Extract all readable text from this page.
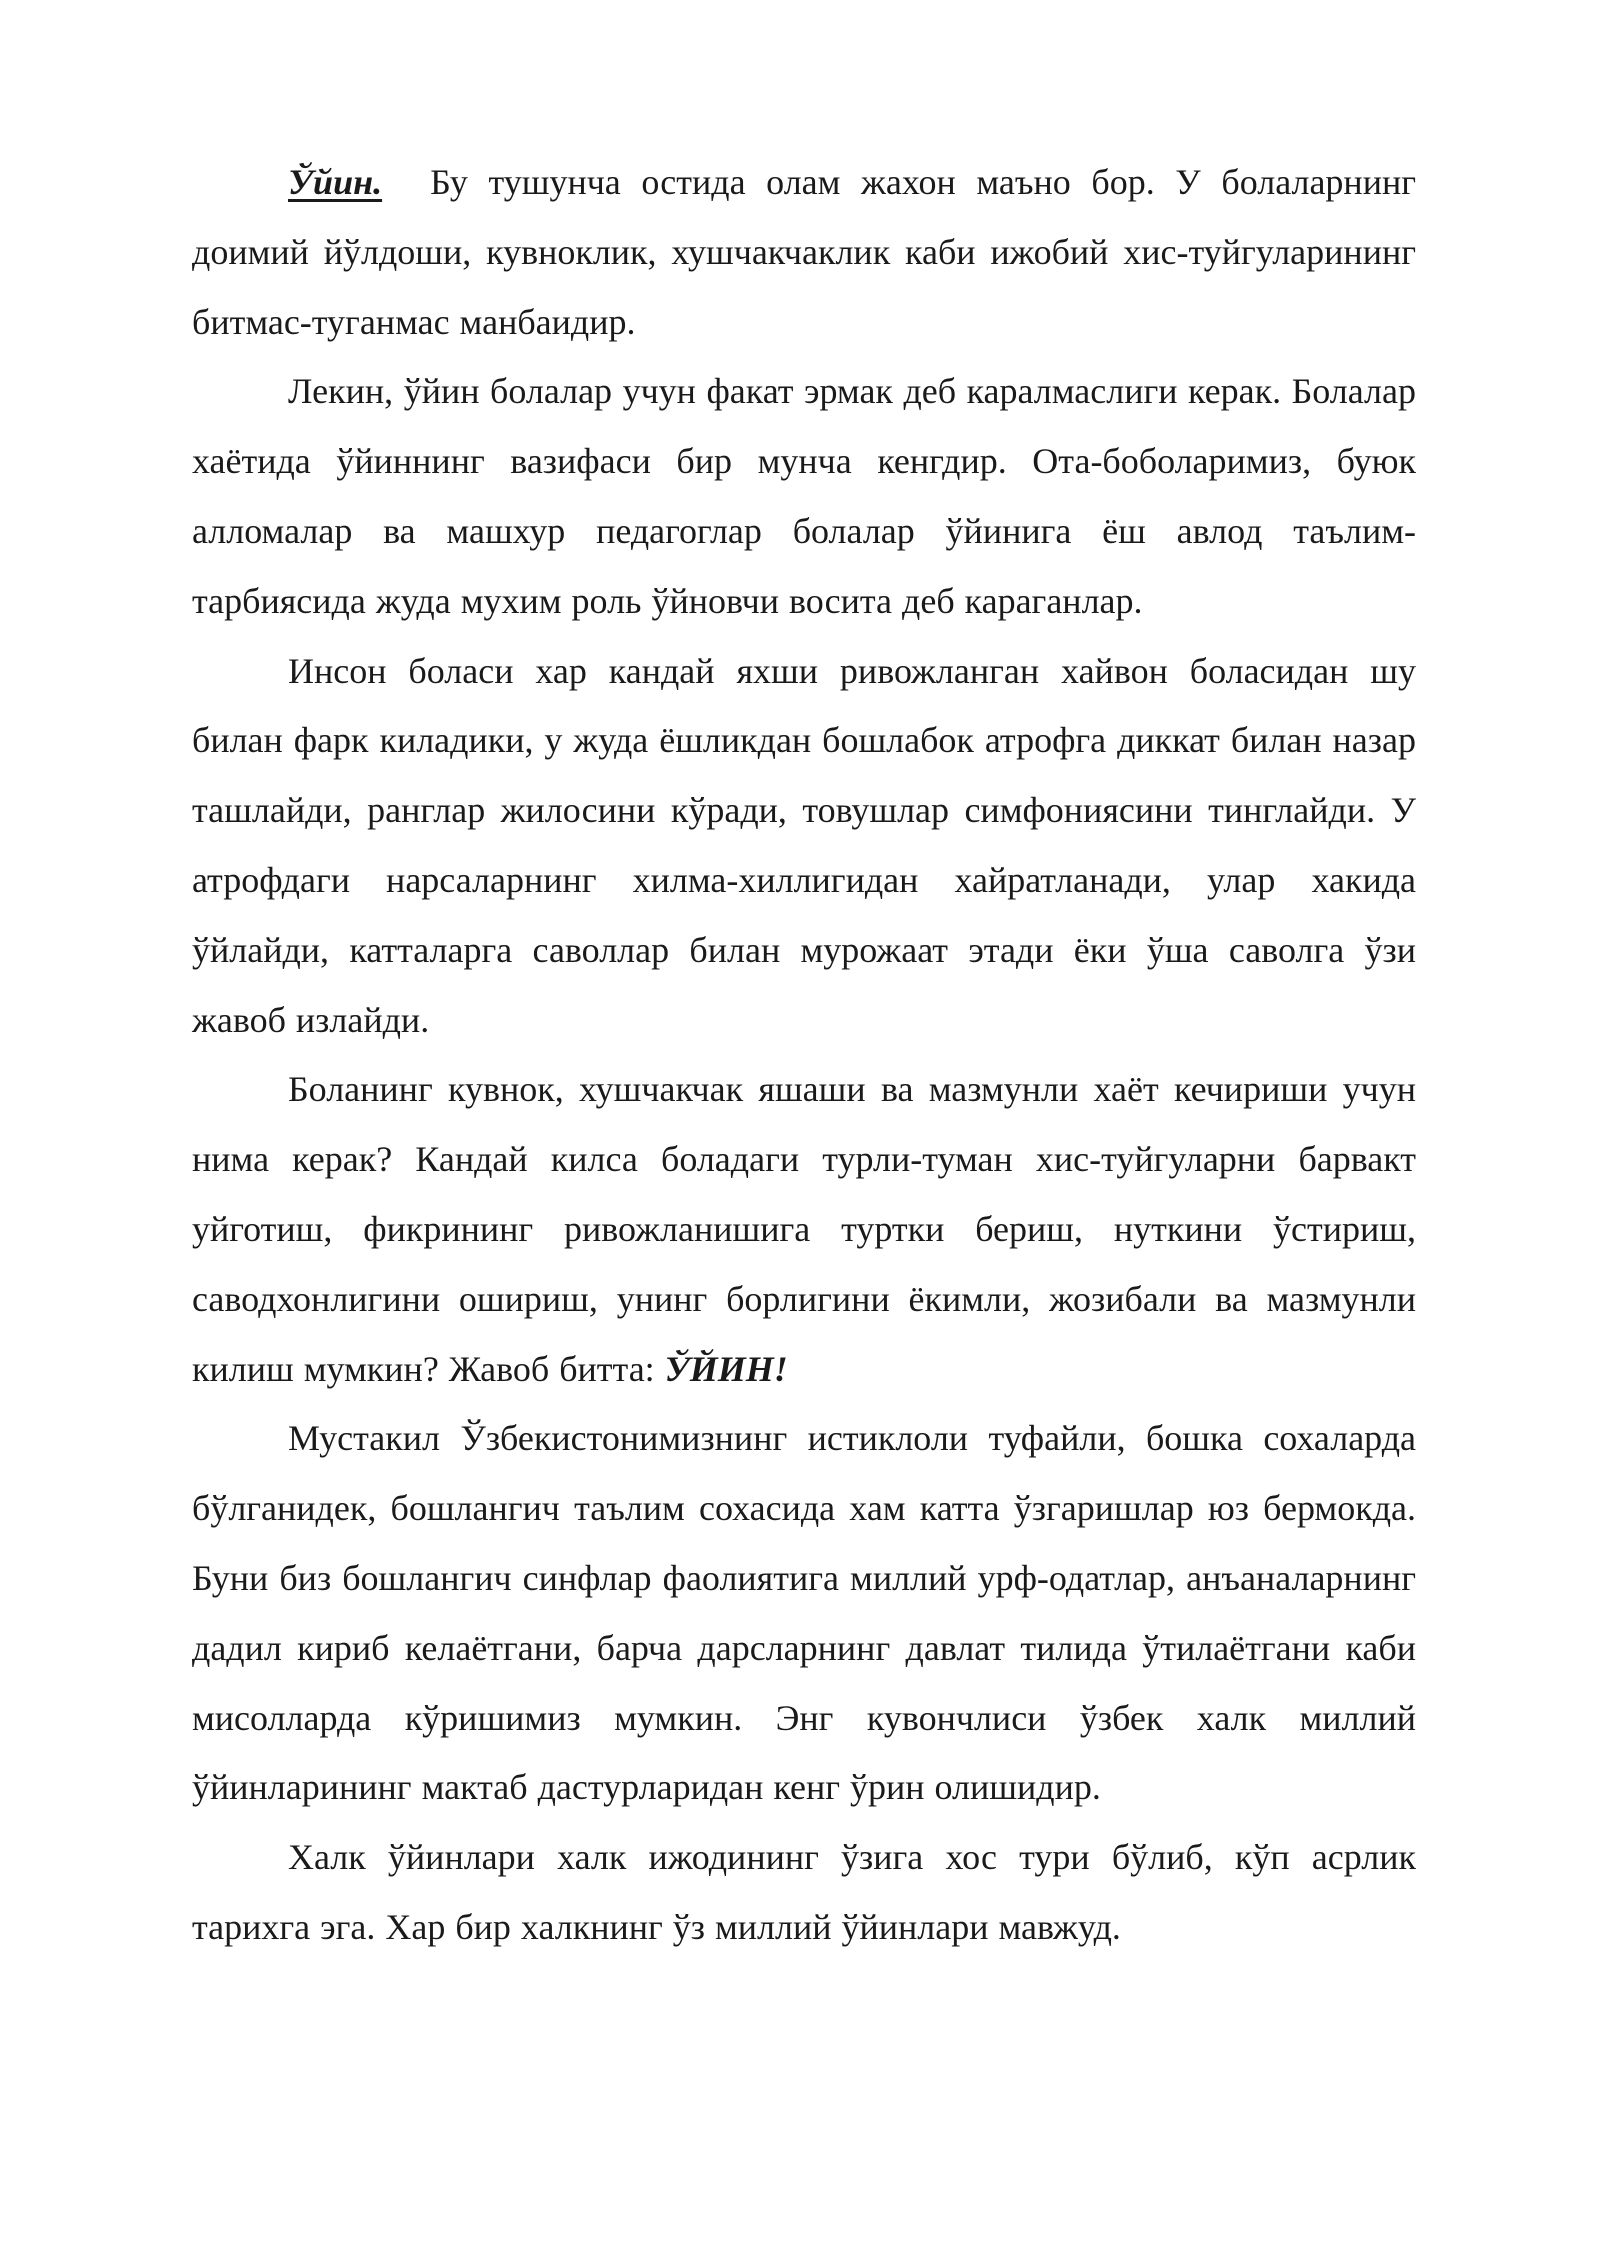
Ўйин. Бу тушунча остида олам жахон маъно бор. У болаларнинг доимий йўлдоши, кувноклик, хушчакчаклик каби ижобий хис-туйгуларининг битмас-туганмас манбаидир.

Лекин, ўйин болалар учун факат эрмак деб каралмаслиги керак. Болалар хаётида ўйиннинг вазифаси бир мунча кенгдир. Ота-боболаримиз, буюк алломалар ва машхур педагоглар болалар ўйинига ёш авлод таълим-тарбиясида жуда мухим роль ўйновчи восита деб караганлар.

Инсон боласи хар кандай яхши ривожланган хайвон боласидан шу билан фарк киладики, у жуда ёшликдан бошлабок атрофга диккат билан назар ташлайди, ранглар жилосини кўради, товушлар симфониясини тинглайди. У атрофдаги нарсаларнинг хилма-хиллигидан хайратланади, улар хакида ўйлайди, катталарга саволлар билан мурожаат этади ёки ўша саволга ўзи жавоб излайди.

Боланинг кувнок, хушчакчак яшаши ва мазмунли хаёт кечириши учун нима керак? Кандай килса боладаги турли-туман хис-туйгуларни барвакт уйготиш, фикрининг ривожланишига туртки бериш, нуткини ўстириш, саводхонлигини ошириш, унинг борлигини ёкимли, жозибали ва мазмунли килиш мумкин? Жавоб битта: ЎЙИН!

Мустакил Ўзбекистонимизнинг истиклоли туфайли, бошка сохаларда бўлганидек, бошлангич таълим сохасида хам катта ўзгаришлар юз бермокда. Буни биз бошлангич синфлар фаолиятига миллий урф-одатлар, анъаналарнинг дадил кириб келаётгани, барча дарсларнинг давлат тилида ўтилаётгани каби мисолларда кўришимиз мумкин. Энг кувончлиси ўзбек халк миллий ўйинларининг мактаб дастурларидан кенг ўрин олишидир.

Халк ўйинлари халк ижодининг ўзига хос тури бўлиб, кўп асрлик тарихга эга. Хар бир халкнинг ўз миллий ўйинлари мавжуд.
